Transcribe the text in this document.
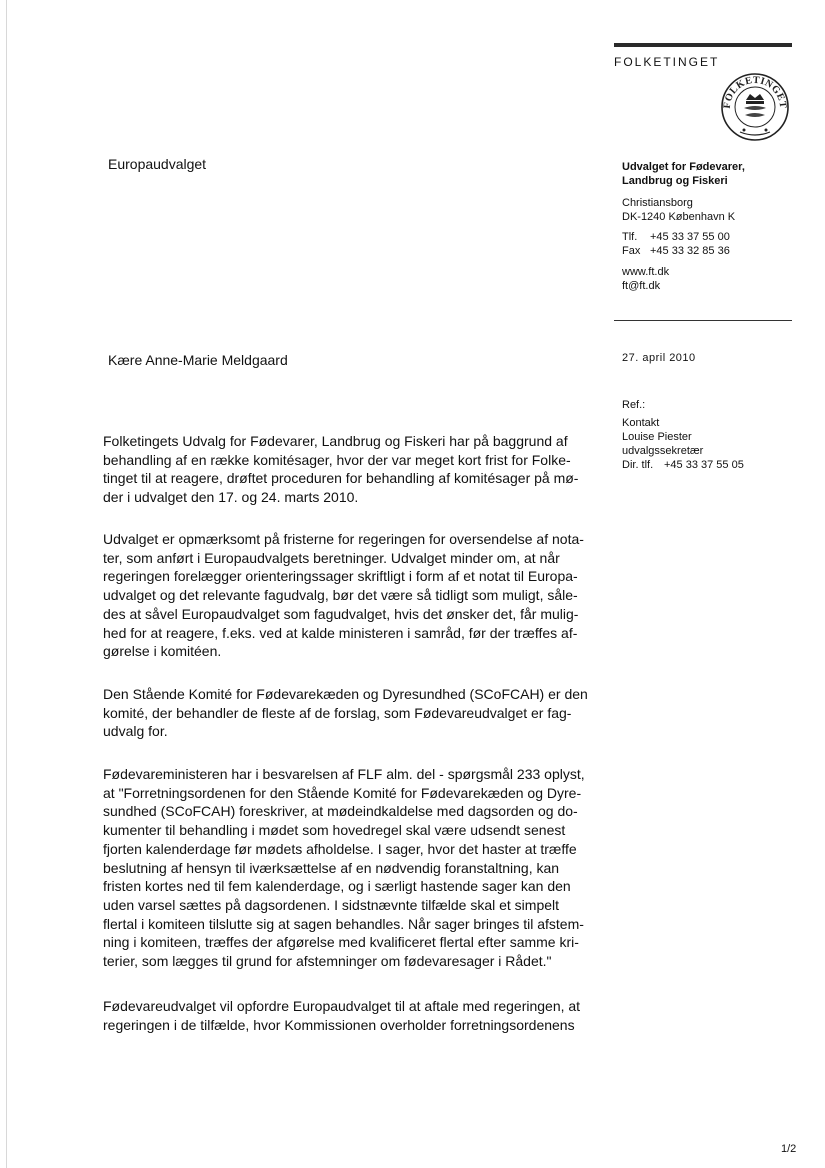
FOLKETINGET
FOLKETINGET
Europaudvalget	Udvalget for Fødevarer, Landbrug og Fiskeri
Christiansborg
DK-1240 København K
Tlf. +45 33 37 55 00
Fax +45 33 32 85 36
www.ft.dk
ft@ft.dk
Kære Anne-Marie Meldgaard	27. april 2010
Ref.:
Kontakt
Louise Piester
udvalgssekretær
Dir. tlf. +45 33 37 55 05
Folketingets Udvalg for Fødevarer, Landbrug og Fiskeri har på baggrund af
behandling af en række komitésager, hvor der var meget kort frist for Folke-
tinget til at reagere, drøftet proceduren for behandling af komitésager på mø-
der i udvalget den 17. og 24. marts 2010.
Udvalget er opmærksomt på fristerne for regeringen for oversendelse af nota-
ter, som anført i Europaudvalgets beretninger. Udvalget minder om, at når
regeringen forelægger orienteringssager skriftligt i form af et notat til Europa-
udvalget og det relevante fagudvalg, bør det være så tidligt som muligt, såle-
des at såvel Europaudvalget som fagudvalget, hvis det ønsker det, får mulig-
hed for at reagere, f.eks. ved at kalde ministeren i samråd, før der træffes af-
gørelse i komitéen.
Den Stående Komité for Fødevarekæden og Dyresundhed (SCoFCAH) er den
komité, der behandler de fleste af de forslag, som Fødevareudvalget er fag-
udvalg for.
Fødevareministeren har i besvarelsen af FLF alm. del - spørgsmål 233 oplyst,
at "Forretningsordenen for den Stående Komité for Fødevarekæden og Dyre-
sundhed (SCoFCAH) foreskriver, at mødeindkaldelse med dagsorden og do-
kumenter til behandling i mødet som hovedregel skal være udsendt senest
fjorten kalenderdage før mødets afholdelse. I sager, hvor det haster at træffe
beslutning af hensyn til iværksættelse af en nødvendig foranstaltning, kan
fristen kortes ned til fem kalenderdage, og i særligt hastende sager kan den
uden varsel sættes på dagsordenen. I sidstnævnte tilfælde skal et simpelt
flertal i komiteen tilslutte sig at sagen behandles. Når sager bringes til afstem-
ning i komiteen, træffes der afgørelse med kvalificeret flertal efter samme kri-
terier, som lægges til grund for afstemninger om fødevaresager i Rådet."
Fødevareudvalget vil opfordre Europaudvalget til at aftale med regeringen, at
regeringen i de tilfælde, hvor Kommissionen overholder forretningsordenens
1/2
